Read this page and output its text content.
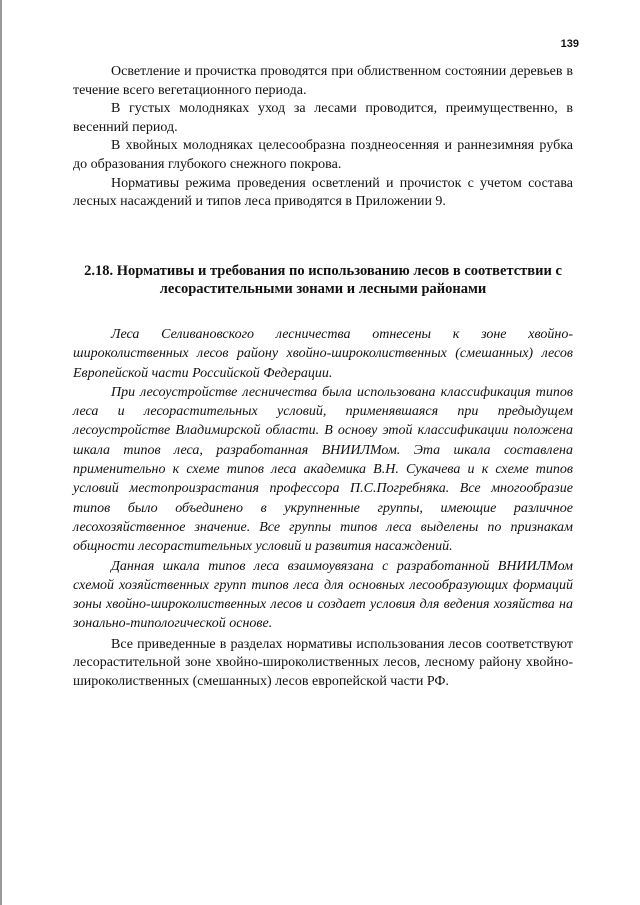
139

Осветление и прочистка проводятся при облиственном состоянии деревьев в течение всего вегетационного периода.

В густых молодняках уход за лесами проводится, преимущественно, в весенний период.

В хвойных молодняках целесообразна позднеосенняя и раннезимняя рубка до образования глубокого снежного покрова.

Нормативы режима проведения осветлений и прочисток с учетом состава лесных насаждений и типов леса приводятся в Приложении 9.

2.18. Нормативы и требования по использованию лесов в соответствии с лесорастительными зонами и лесными районами

Леса Селивановского лесничества отнесены к зоне хвойно-широколиственных лесов району хвойно-широколиственных (смешанных) лесов Европейской части Российской Федерации.

При лесоустройстве лесничества была использована классификация типов леса и лесорастительных условий, применявшаяся при предыдущем лесоустройстве Владимирской области. В основу этой классификации положена шкала типов леса, разработанная ВНИИЛМом. Эта шкала составлена применительно к схеме типов леса академика В.Н. Сукачева и к схеме типов условий местопроизрастания профессора П.С.Погребняка. Все многообразие типов было объединено в укрупненные группы, имеющие различное лесохозяйственное значение. Все группы типов леса выделены по признакам общности лесорастительных условий и развития насаждений.

Данная шкала типов леса взаимоувязана с разработанной ВНИИЛМом схемой хозяйственных групп типов леса для основных лесообразующих формаций зоны хвойно-широколиственных лесов и создает условия для ведения хозяйства на зонально-типологической основе.

Все приведенные в разделах нормативы использования лесов соответствуют лесорастительной зоне хвойно-широколиственных лесов, лесному району хвойно-широколиственных (смешанных) лесов европейской части РФ.
